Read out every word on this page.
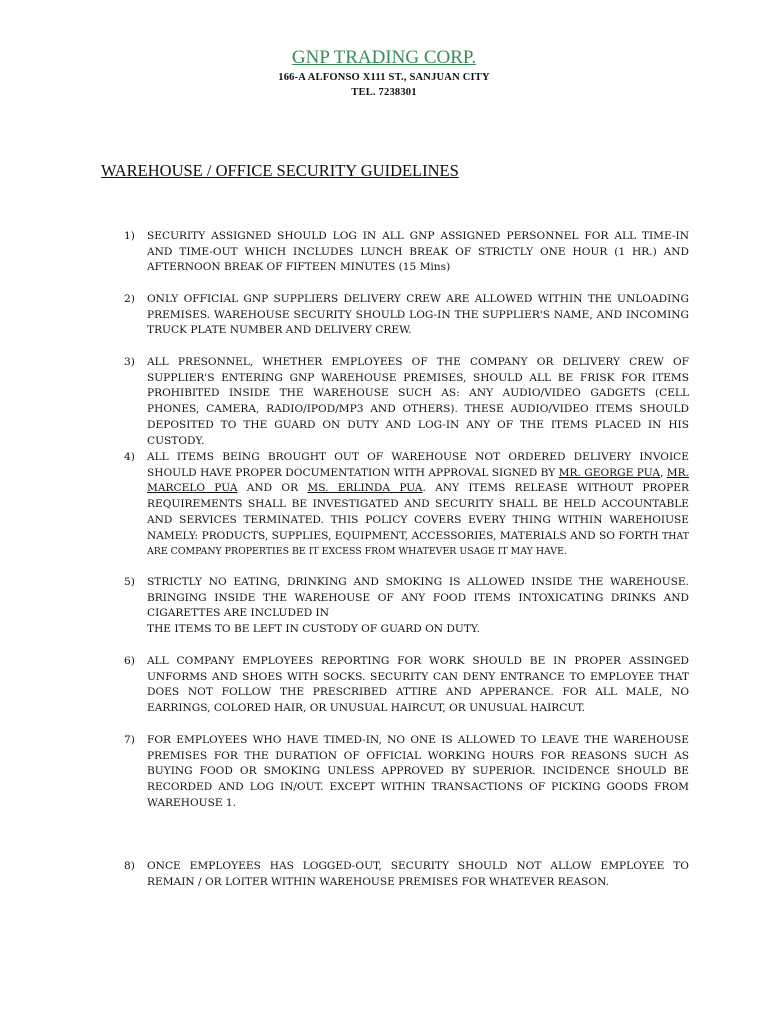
GNP TRADING CORP.
166-A ALFONSO X111 ST., SANJUAN CITY
TEL. 7238301
WAREHOUSE / OFFICE SECURITY GUIDELINES
1) SECURITY ASSIGNED SHOULD LOG IN ALL GNP ASSIGNED PERSONNEL FOR ALL TIME-IN AND TIME-OUT WHICH INCLUDES LUNCH BREAK OF STRICTLY ONE HOUR (1 HR.) AND AFTERNOON BREAK OF FIFTEEN MINUTES (15 Mins)
2) ONLY OFFICIAL GNP SUPPLIERS DELIVERY CREW ARE ALLOWED WITHIN THE UNLOADING PREMISES. WAREHOUSE SECURITY SHOULD LOG-IN THE SUPPLIER'S NAME, AND INCOMING TRUCK PLATE NUMBER AND DELIVERY CREW.
3) ALL PRESONNEL, WHETHER EMPLOYEES OF THE COMPANY OR DELIVERY CREW OF SUPPLIER'S ENTERING GNP WAREHOUSE PREMISES, SHOULD ALL BE FRISK FOR ITEMS PROHIBITED INSIDE THE WAREHOUSE SUCH AS: ANY AUDIO/VIDEO GADGETS (CELL PHONES, CAMERA, RADIO/IPOD/MP3 AND OTHERS). THESE AUDIO/VIDEO ITEMS SHOULD DEPOSITED TO THE GUARD ON DUTY AND LOG-IN ANY OF THE ITEMS PLACED IN HIS CUSTODY.
4) ALL ITEMS BEING BROUGHT OUT OF WAREHOUSE NOT ORDERED DELIVERY INVOICE SHOULD HAVE PROPER DOCUMENTATION WITH APPROVAL SIGNED BY MR. GEORGE PUA, MR. MARCELO PUA AND OR MS. ERLINDA PUA. ANY ITEMS RELEASE WITHOUT PROPER REQUIREMENTS SHALL BE INVESTIGATED AND SECURITY SHALL BE HELD ACCOUNTABLE AND SERVICES TERMINATED. THIS POLICY COVERS EVERY THING WITHIN WAREHOIUSE NAMELY: PRODUCTS, SUPPLIES, EQUIPMENT, ACCESSORIES, MATERIALS AND SO FORTH THAT ARE COMPANY PROPERTIES BE IT EXCESS FROM WHATEVER USAGE IT MAY HAVE.
5) STRICTLY NO EATING, DRINKING AND SMOKING IS ALLOWED INSIDE THE WAREHOUSE. BRINGING INSIDE THE WAREHOUSE OF ANY FOOD ITEMS INTOXICATING DRINKS AND CIGARETTES ARE INCLUDED IN
THE ITEMS TO BE LEFT IN CUSTODY OF GUARD ON DUTY.
6) ALL COMPANY EMPLOYEES REPORTING FOR WORK SHOULD BE IN PROPER ASSINGED UNFORMS AND SHOES WITH SOCKS. SECURITY CAN DENY ENTRANCE TO EMPLOYEE THAT DOES NOT FOLLOW THE PRESCRIBED ATTIRE AND APPERANCE. FOR ALL MALE, NO EARRINGS, COLORED HAIR, OR UNUSUAL HAIRCUT, OR UNUSUAL HAIRCUT.
7) FOR EMPLOYEES WHO HAVE TIMED-IN, NO ONE IS ALLOWED TO LEAVE THE WAREHOUSE PREMISES FOR THE DURATION OF OFFICIAL WORKING HOURS FOR REASONS SUCH AS BUYING FOOD OR SMOKING UNLESS APPROVED BY SUPERIOR. INCIDENCE SHOULD BE RECORDED AND LOG IN/OUT. EXCEPT WITHIN TRANSACTIONS OF PICKING GOODS FROM WAREHOUSE 1.
8) ONCE EMPLOYEES HAS LOGGED-OUT, SECURITY SHOULD NOT ALLOW EMPLOYEE TO REMAIN / OR LOITER WITHIN WAREHOUSE PREMISES FOR WHATEVER REASON.
